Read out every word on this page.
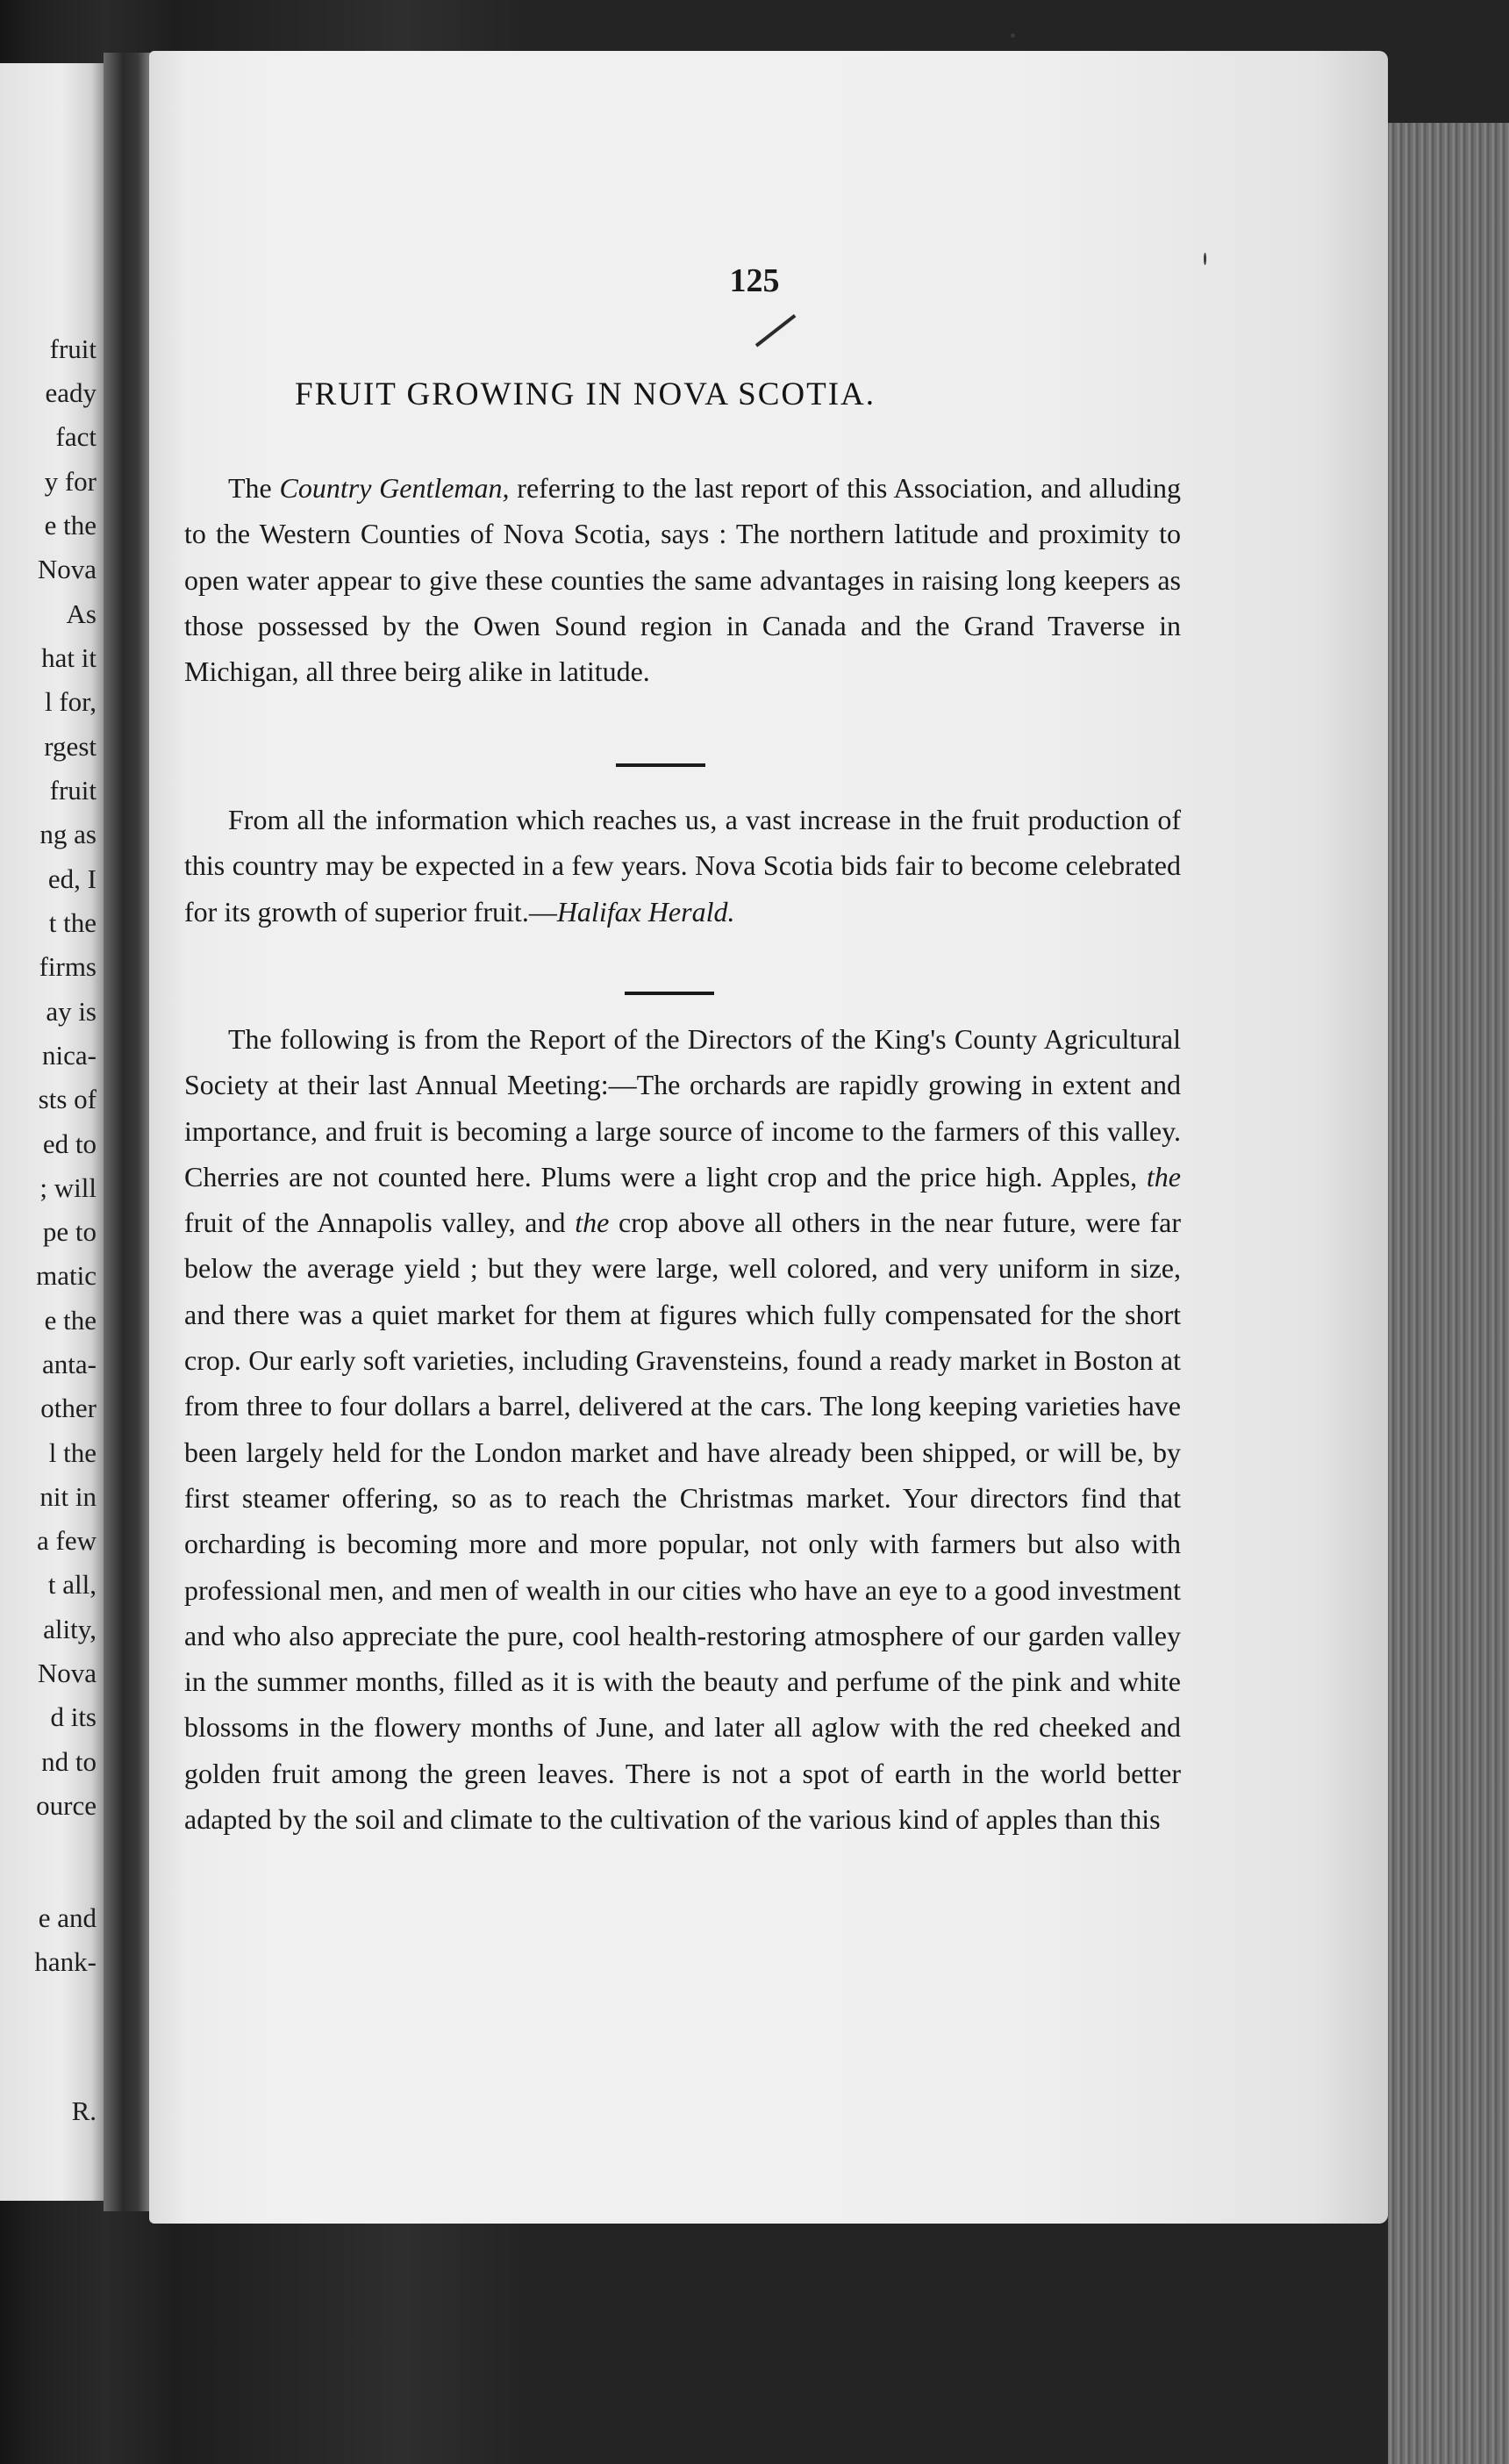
fruit

eady

fact

y for

e the

Nova

As

hat it

l for,

rgest

fruit

ng as

ed, I

t the

firms

ay is

nica-

sts of

ed to

; will

pe to

matic

e the

anta-

other

l the

nit in

a few

t all,

ality,

Nova

d its

nd to

ource

e and

hank-

R.

125

FRUIT GROWING IN NOVA SCOTIA.

The Country Gentleman, referring to the last report of this Association, and alluding to the Western Counties of Nova Scotia, says : The northern latitude and proximity to open water appear to give these counties the same advantages in raising long keepers as those possessed by the Owen Sound region in Canada and the Grand Traverse in Michigan, all three beirg alike in latitude.

From all the information which reaches us, a vast increase in the fruit production of this country may be expected in a few years. Nova Scotia bids fair to become celebrated for its growth of superior fruit.—Halifax Herald.

The following is from the Report of the Directors of the King's County Agricultural Society at their last Annual Meeting:—The orchards are rapidly growing in extent and importance, and fruit is becoming a large source of income to the farmers of this valley. Cherries are not counted here. Plums were a light crop and the price high. Apples, the fruit of the Annapolis valley, and the crop above all others in the near future, were far below the average yield ; but they were large, well colored, and very uniform in size, and there was a quiet market for them at figures which fully compensated for the short crop. Our early soft varieties, including Gravensteins, found a ready market in Boston at from three to four dollars a barrel, delivered at the cars. The long keeping varieties have been largely held for the London market and have already been shipped, or will be, by first steamer offering, so as to reach the Christmas market. Your directors find that orcharding is becoming more and more popular, not only with farmers but also with professional men, and men of wealth in our cities who have an eye to a good investment and who also appreciate the pure, cool health-restoring atmosphere of our garden valley in the summer months, filled as it is with the beauty and perfume of the pink and white blossoms in the flowery months of June, and later all aglow with the red cheeked and golden fruit among the green leaves. There is not a spot of earth in the world better adapted by the soil and climate to the cultivation of the various kind of apples than this
